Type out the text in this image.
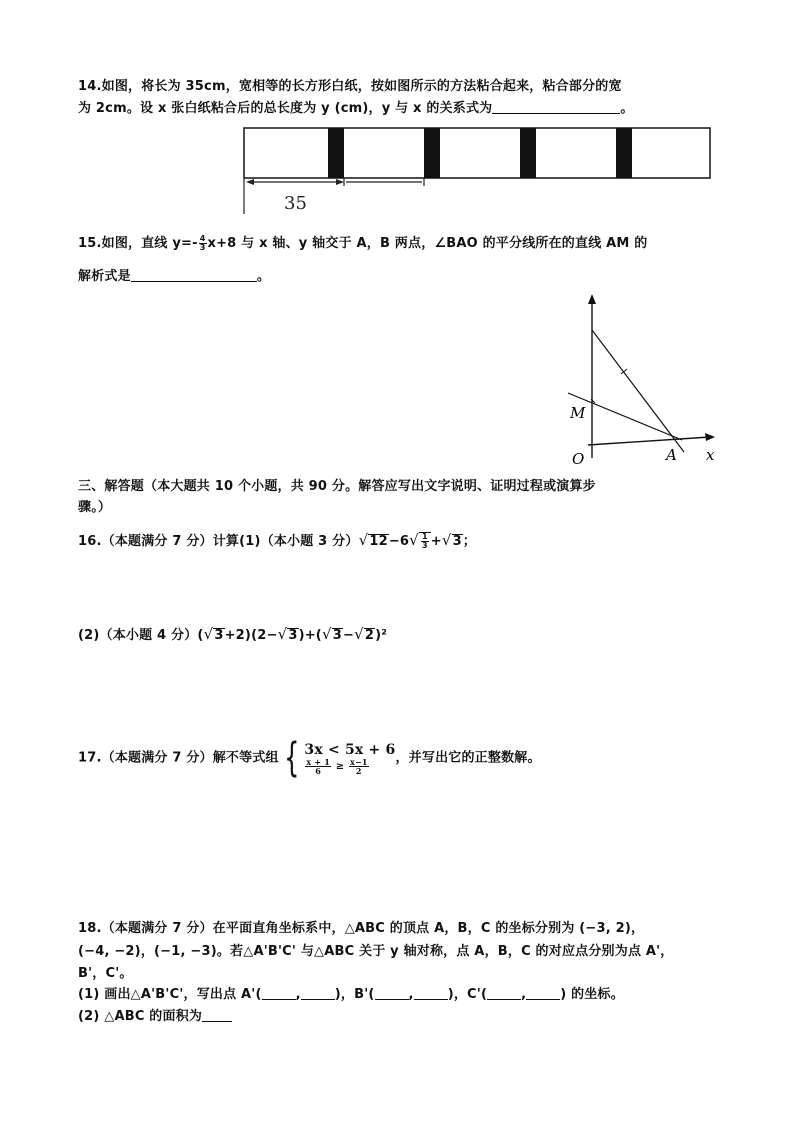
14.如图，将长为 35cm，宽相等的长方形白纸，按如图所示的方法粘合起来，粘合部分的宽
为 2cm。设 x 张白纸粘合后的总长度为 y (cm)，y 与 x 的关系式为	。
35
15.如图，直线 $y=- \frac{4}{3} x+8$ 与 x 轴、y 轴交于 A，B 两点，∠BAO 的平分线所在的直线 AM 的
解析式是	。
M
O	A x
三、解答题（本大题共 10 个小题，共 90 分。解答应写出文字说明、证明过程或演算步
骤。）
16.（本题满分 7 分）计算(1)（本小题 3 分）$√12-6√ \frac{1}{3} +√3$；
(2)（本小题 4 分）(√3+2)(2−√3)+(√3−√2)²
17.（本题满分 7 分）解不等式组 { 3x < 5x + 6
$\frac{x + 1}{6} \ge \frac{x-1}{2}$ ，并写出它的正整数解。
18.（本题满分 7 分）在平面直角坐标系中，△ABC 的顶点 A，B，C 的坐标分别为 (−3, 2)，
(−4, −2)，(−1, −3)。若△A'B'C' 与△ABC 关于 y 轴对称，点 A，B，C 的对应点分别为点 A'，
B'，C'。
(1) 画出△A'B'C'，写出点 A'(	,	)，B'(	,	)，C'(	,	) 的坐标。
(2) △ABC 的面积为
